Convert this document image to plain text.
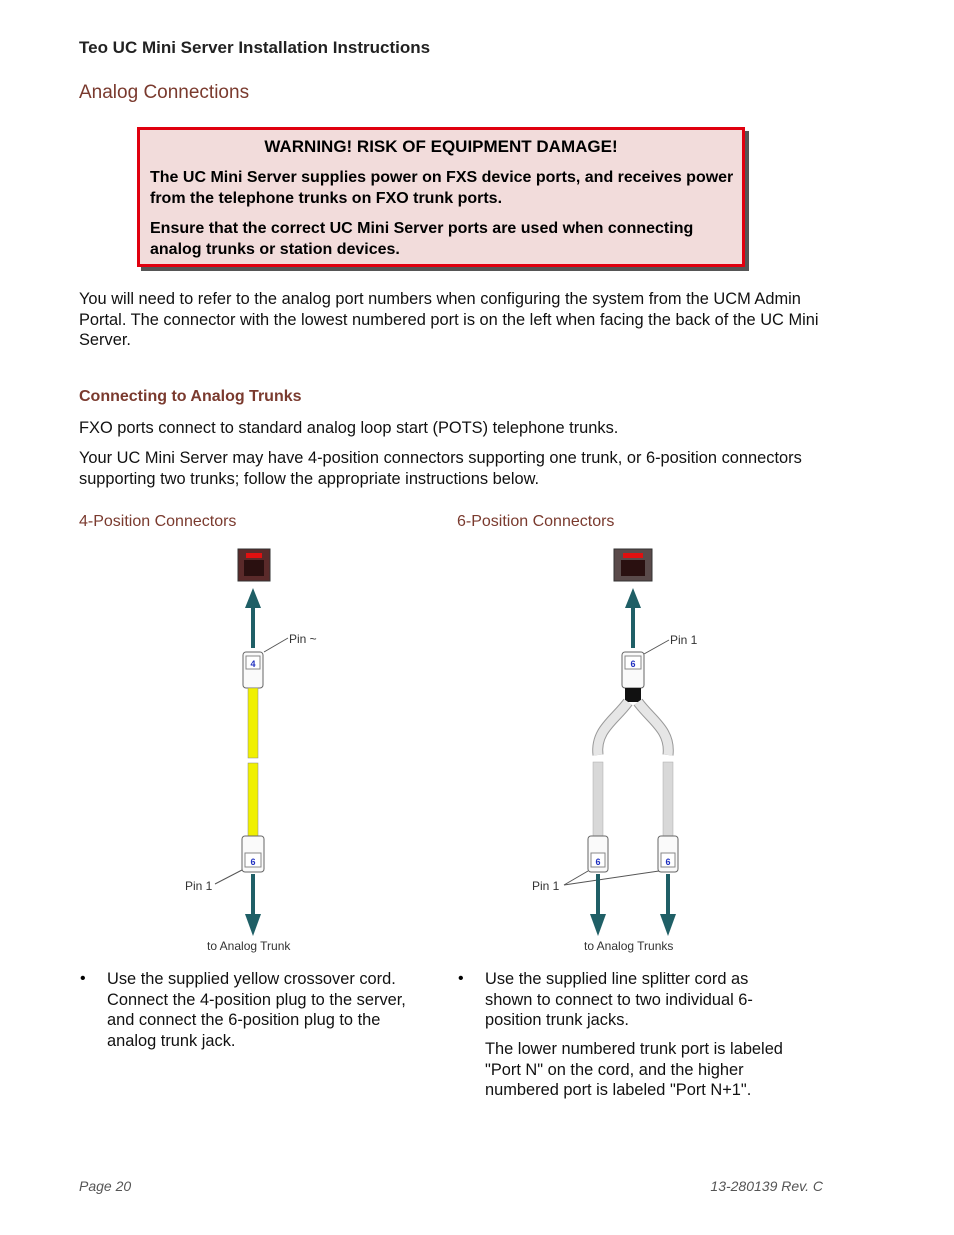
Teo UC Mini Server Installation Instructions
Analog Connections
WARNING! RISK OF EQUIPMENT DAMAGE!
The UC Mini Server supplies power on FXS device ports, and receives power from the telephone trunks on FXO trunk ports.
Ensure that the correct UC Mini Server ports are used when connecting analog trunks or station devices.
You will need to refer to the analog port numbers when configuring the system from the UCM Admin Portal. The connector with the lowest numbered port is on the left when facing the back of the UC Mini Server.
Connecting to Analog Trunks
FXO ports connect to standard analog loop start (POTS) telephone trunks.
Your UC Mini Server may have 4-position connectors supporting one trunk, or 6-position connectors supporting two trunks; follow the appropriate instructions below.
4-Position Connectors	6-Position Connectors
Pin ~
4
6
Pin 1
to Analog Trunk
Pin 1
6
6	6
Pin 1
to Analog Trunks
• Use the supplied yellow crossover cord. Connect the 4-position plug to the server, and connect the 6-position plug to the analog trunk jack.
• Use the supplied line splitter cord as shown to connect to two individual 6-position trunk jacks.
The lower numbered trunk port is labeled "Port N" on the cord, and the higher numbered port is labeled "Port N+1".
Page 20	13-280139 Rev. C
